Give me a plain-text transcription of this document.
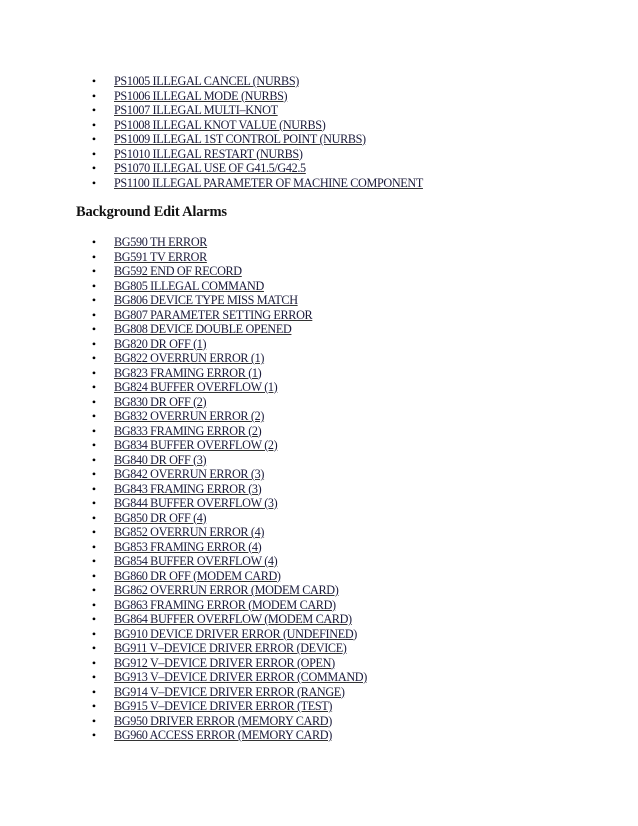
• PS1005 ILLEGAL CANCEL (NURBS)
• PS1006 ILLEGAL MODE (NURBS)
• PS1007 ILLEGAL MULTI–KNOT
• PS1008 ILLEGAL KNOT VALUE (NURBS)
• PS1009 ILLEGAL 1ST CONTROL POINT (NURBS)
• PS1010 ILLEGAL RESTART (NURBS)
• PS1070 ILLEGAL USE OF G41.5/G42.5
• PS1100 ILLEGAL PARAMETER OF MACHINE COMPONENT
Background Edit Alarms
• BG590 TH ERROR
• BG591 TV ERROR
• BG592 END OF RECORD
• BG805 ILLEGAL COMMAND
• BG806 DEVICE TYPE MISS MATCH
• BG807 PARAMETER SETTING ERROR
• BG808 DEVICE DOUBLE OPENED
• BG820 DR OFF (1)
• BG822 OVERRUN ERROR (1)
• BG823 FRAMING ERROR (1)
• BG824 BUFFER OVERFLOW (1)
• BG830 DR OFF (2)
• BG832 OVERRUN ERROR (2)
• BG833 FRAMING ERROR (2)
• BG834 BUFFER OVERFLOW (2)
• BG840 DR OFF (3)
• BG842 OVERRUN ERROR (3)
• BG843 FRAMING ERROR (3)
• BG844 BUFFER OVERFLOW (3)
• BG850 DR OFF (4)
• BG852 OVERRUN ERROR (4)
• BG853 FRAMING ERROR (4)
• BG854 BUFFER OVERFLOW (4)
• BG860 DR OFF (MODEM CARD)
• BG862 OVERRUN ERROR (MODEM CARD)
• BG863 FRAMING ERROR (MODEM CARD)
• BG864 BUFFER OVERFLOW (MODEM CARD)
• BG910 DEVICE DRIVER ERROR (UNDEFINED)
• BG911 V–DEVICE DRIVER ERROR (DEVICE)
• BG912 V–DEVICE DRIVER ERROR (OPEN)
• BG913 V–DEVICE DRIVER ERROR (COMMAND)
• BG914 V–DEVICE DRIVER ERROR (RANGE)
• BG915 V–DEVICE DRIVER ERROR (TEST)
• BG950 DRIVER ERROR (MEMORY CARD)
• BG960 ACCESS ERROR (MEMORY CARD)
